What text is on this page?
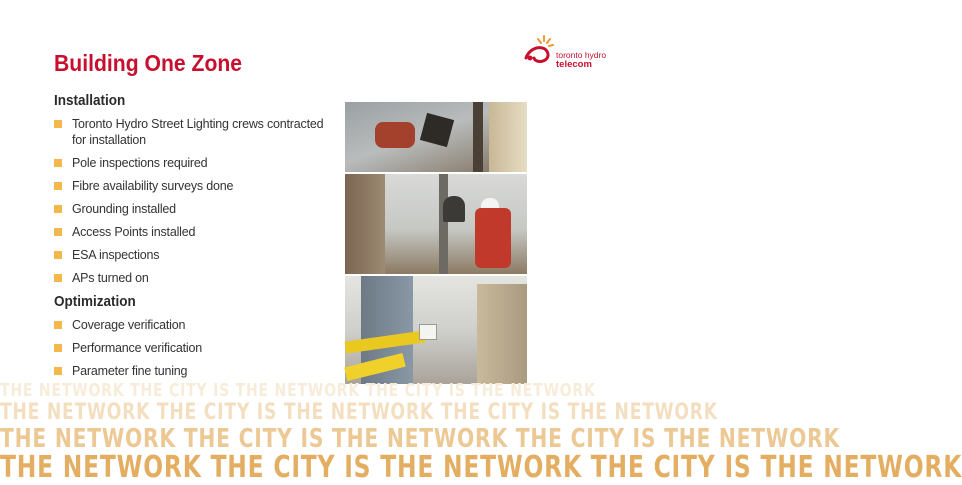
Building One Zone	toronto hydro
telecom
Installation
Toronto Hydro Street Lighting crews contracted for installation
Pole inspections required
Fibre availability surveys done
Grounding installed
Access Points installed
ESA inspections
APs turned on
Optimization
Coverage verification
Performance verification
Parameter fine tuning
THE NETWORK THE CITY IS THE NETWORK THE CITY IS THE NETWORK
THE NETWORK THE CITY IS THE NETWORK THE CITY IS THE NETWORK
THE NETWORK THE CITY IS THE NETWORK THE CITY IS THE NETWORK
THE NETWORK THE CITY IS THE NETWORK THE CITY IS THE NETWORK
